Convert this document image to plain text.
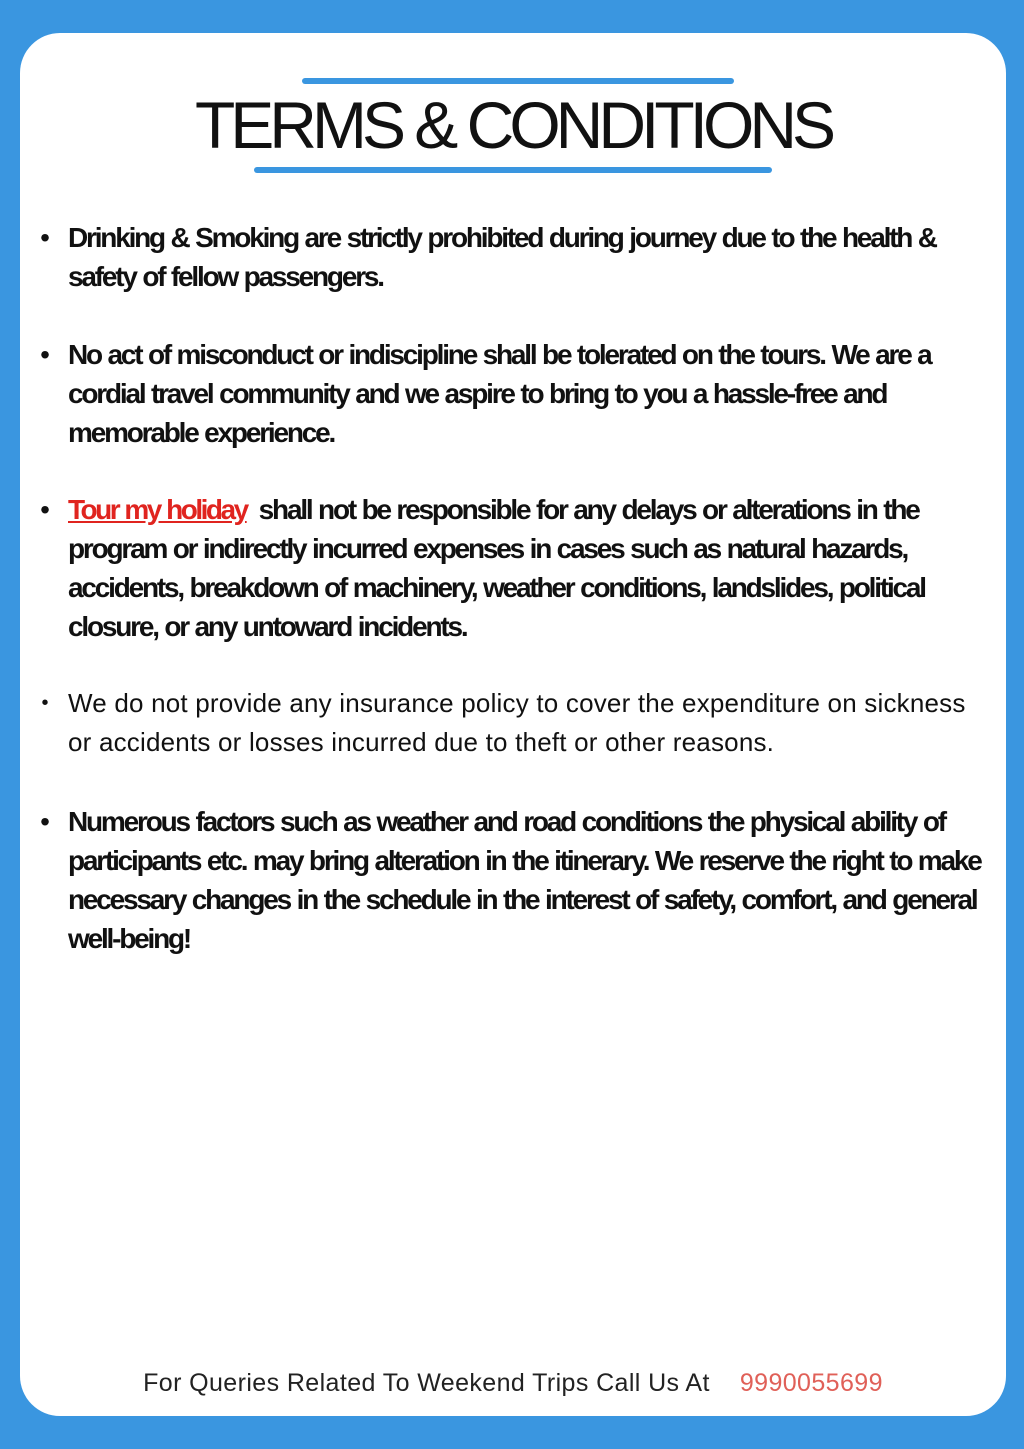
TERMS & CONDITIONS
• Drinking & Smoking are strictly prohibited during journey due to the health & safety of fellow passengers.
• No act of misconduct or indiscipline shall be tolerated on the tours. We are a cordial travel community and we aspire to bring to you a hassle-free and memorable experience.
• Tour my holiday shall not be responsible for any delays or alterations in the program or indirectly incurred expenses in cases such as natural hazards, accidents, breakdown of machinery, weather conditions, landslides, political closure, or any untoward incidents.
• We do not provide any insurance policy to cover the expenditure on sickness or accidents or losses incurred due to theft or other reasons.
• Numerous factors such as weather and road conditions the physical ability of participants etc. may bring alteration in the itinerary. We reserve the right to make necessary changes in the schedule in the interest of safety, comfort, and general well-being!
For Queries Related To Weekend Trips Call Us At 9990055699
